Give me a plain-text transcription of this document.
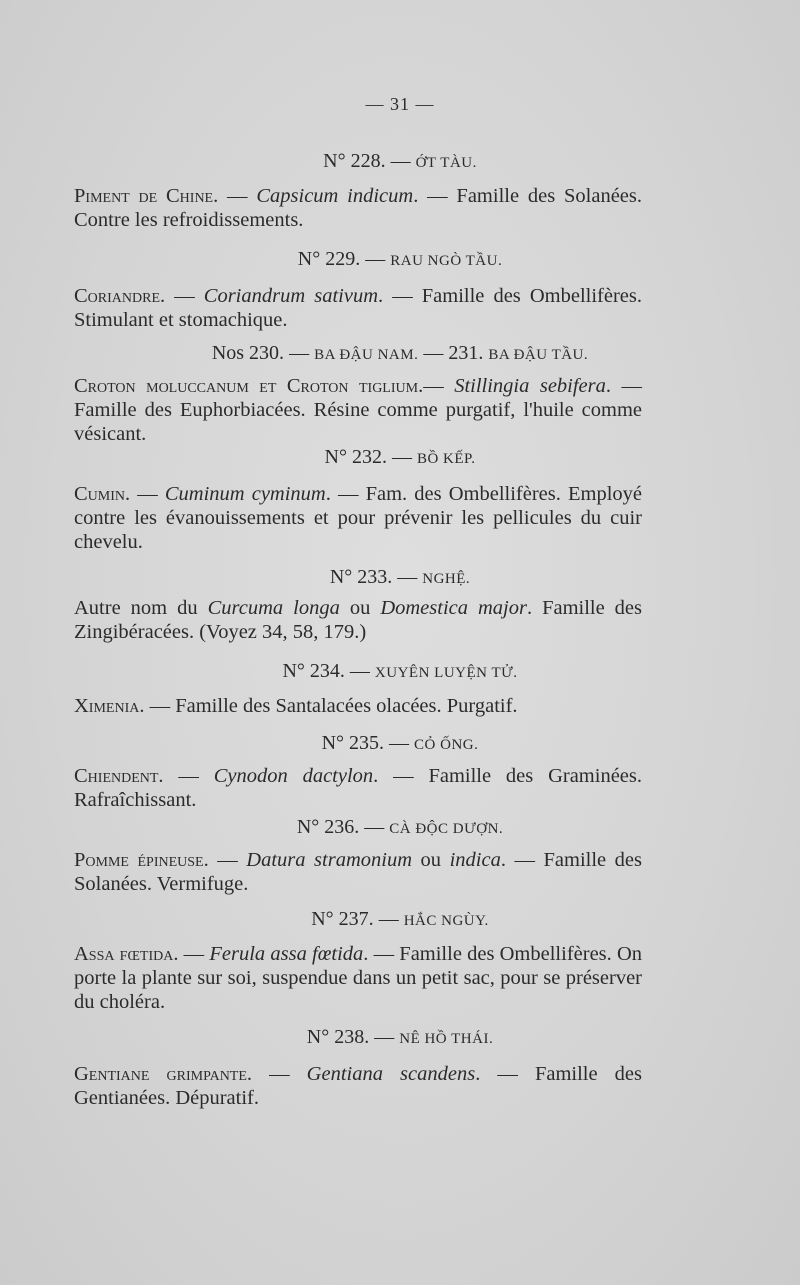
— 31 —
N° 228. — ỚT TÀU.
Piment de Chine. — Capsicum indicum. — Famille des Solanées. Contre les refroidissements.
N° 229. — RAU NGÒ TẦU.
Coriandre. — Coriandrum sativum. — Famille des Ombellifères. Stimulant et stomachique.
Nos 230. — BA ĐẬU NAM. — 231. BA ĐẬU TẦU.
Croton moluccanum et Croton tiglium.— Stillingia sebifera. — Famille des Euphorbiacées. Résine comme purgatif, l'huile comme vésicant.
N° 232. — BỒ KẾP.
Cumin. — Cuminum cyminum. — Fam. des Ombellifères. Employé contre les évanouissements et pour prévenir les pellicules du cuir chevelu.
N° 233. — NGHỆ.
Autre nom du Curcuma longa ou Domestica major. Famille des Zingibéracées. (Voyez 34, 58, 179.)
N° 234. — XUYÊN LUYỆN TỬ.
Ximenia. — Famille des Santalacées olacées. Purgatif.
N° 235. — CỎ ỐNG.
Chiendent. — Cynodon dactylon. — Famille des Graminées. Rafraîchissant.
N° 236. — CÀ ĐỘC DƯỢN.
Pomme épineuse. — Datura stramonium ou indica. — Famille des Solanées. Vermifuge.
N° 237. — HẮC NGÙY.
Assa fœtida. — Ferula assa fœtida. — Famille des Ombellifères. On porte la plante sur soi, suspendue dans un petit sac, pour se préserver du choléra.
N° 238. — NÊ HỒ THÁI.
Gentiane grimpante. — Gentiana scandens. — Famille des Gentianées. Dépuratif.
